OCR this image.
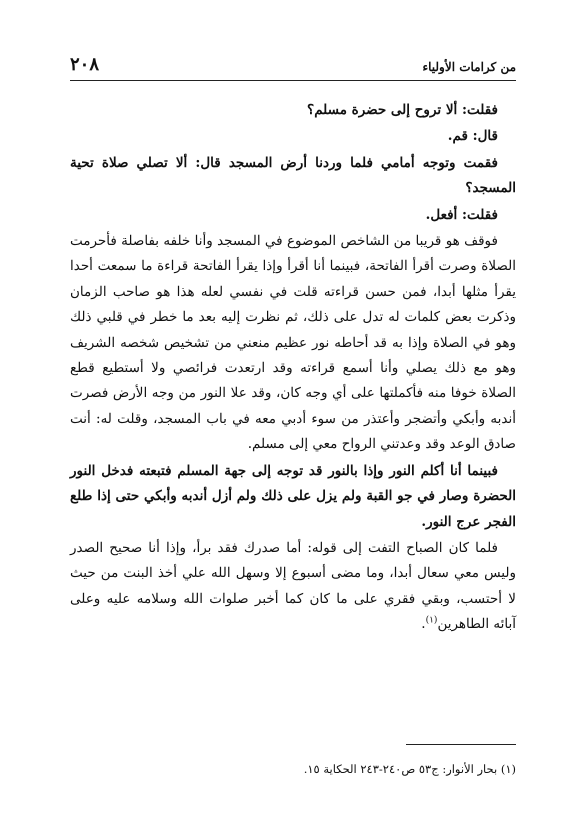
٢٠٨	من كرامات الأولياء

فقلت: ألا تروح إلى حضرة مسلم؟

قال: قم.

فقمت وتوجه أمامي فلما وردنا أرض المسجد قال: ألا تصلي صلاة تحية المسجد؟

فقلت: أفعل.

فوقف هو قريبا من الشاخص الموضوع في المسجد وأنا خلفه بفاصلة فأحرمت الصلاة وصرت أقرأ الفاتحة، فبينما أنا أقرأ وإذا يقرأ الفاتحة قراءة ما سمعت أحدا يقرأ مثلها أبدا، فمن حسن قراءته قلت في نفسي لعله هذا هو صاحب الزمان وذكرت بعض كلمات له تدل على ذلك، ثم نظرت إليه بعد ما خطر في قلبي ذلك وهو في الصلاة وإذا به قد أحاطه نور عظيم منعني من تشخيص شخصه الشريف وهو مع ذلك يصلي وأنا أسمع قراءته وقد ارتعدت فرائصي ولا أستطيع قطع الصلاة خوفا منه فأكملتها على أي وجه كان، وقد علا النور من وجه الأرض فصرت أندبه وأبكي وأتضجر وأعتذر من سوء أدبي معه في باب المسجد، وقلت له: أنت صادق الوعد وقد وعدتني الرواح معي إلى مسلم.

فبينما أنا أكلم النور وإذا بالنور قد توجه إلى جهة المسلم فتبعته فدخل النور الحضرة وصار في جو القبة ولم يزل على ذلك ولم أزل أندبه وأبكي حتى إذا طلع الفجر عرج النور.

فلما كان الصباح التفت إلى قوله: أما صدرك فقد برأ، وإذا أنا صحيح الصدر وليس معي سعال أبدا، وما مضى أسبوع إلا وسهل الله علي أخذ البنت من حيث لا أحتسب، وبقي فقري على ما كان كما أخبر صلوات الله وسلامه عليه وعلى آبائه الطاهرين$^{(١)}$.

(١) بحار الأنوار: ج٥٣ ص٢٤٠-٢٤٣ الحكاية ١٥.
